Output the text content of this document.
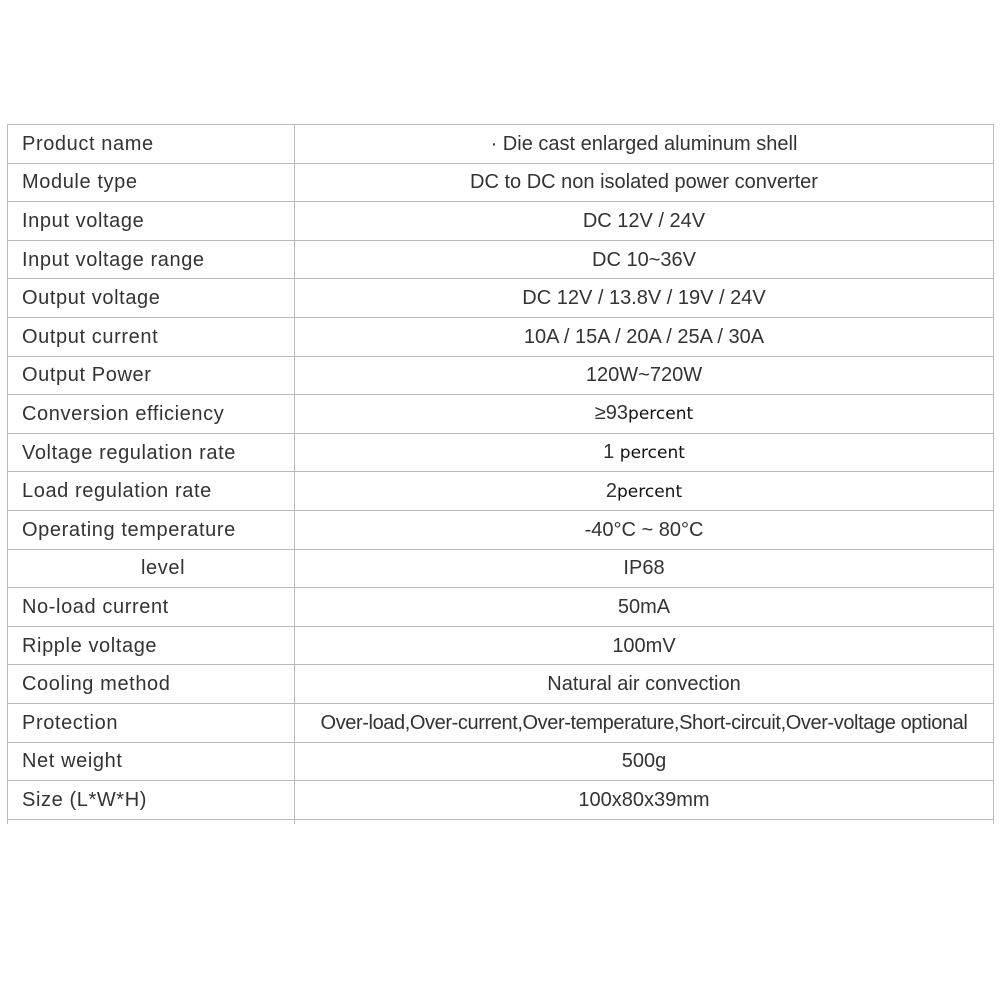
Product name	· Die cast enlarged aluminum shell
Module type	DC to DC non isolated power converter
Input voltage	DC 12V / 24V
Input voltage range	DC 10~36V
Output voltage	DC 12V / 13.8V / 19V / 24V
Output current	10A / 15A / 20A / 25A / 30A
Output Power	120W~720W
Conversion efficiency	≥93percent
Voltage regulation rate	1 percent
Load regulation rate	2percent
Operating temperature	-40°C ~ 80°C
level	IP68
No-load current	50mA
Ripple voltage	100mV
Cooling method	Natural air convection
Protection	Over-load,Over-current,Over-temperature,Short-circuit,Over-voltage optional
Net weight	500g
Size (L*W*H)	100x80x39mm
